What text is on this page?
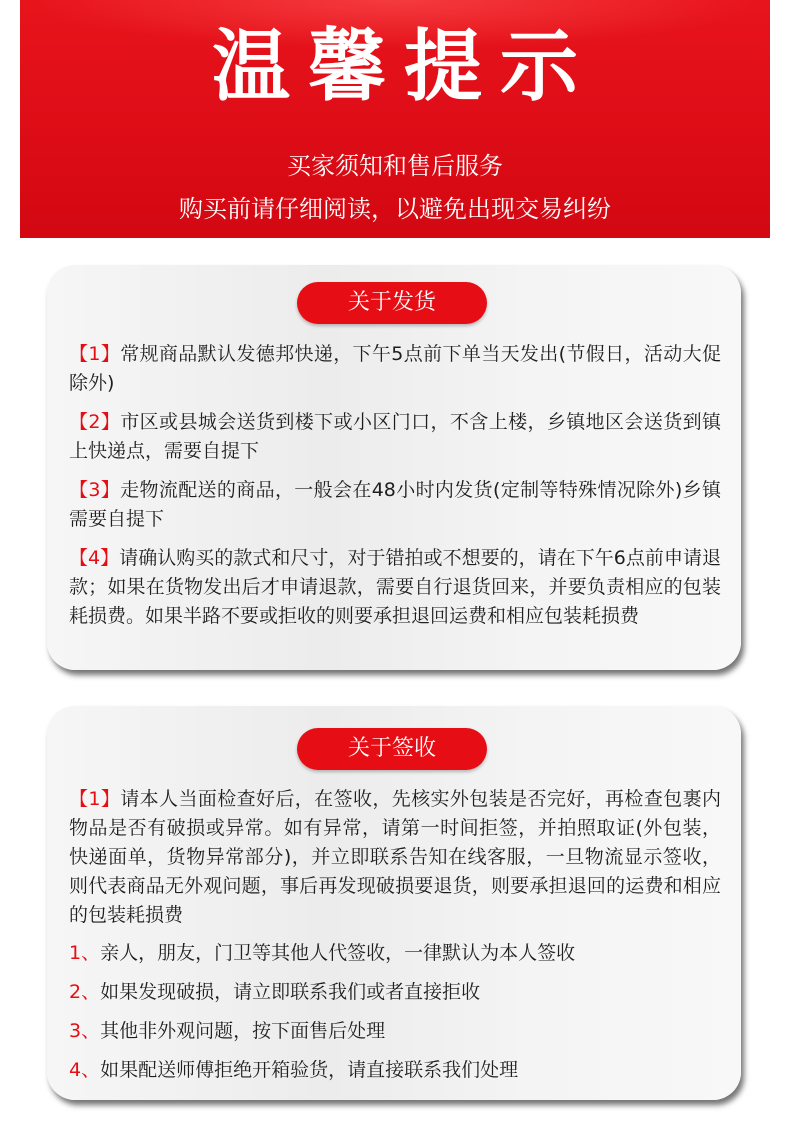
温馨提示
买家须知和售后服务
购买前请仔细阅读，以避免出现交易纠纷
关于发货
【1】常规商品默认发德邦快递，下午5点前下单当天发出(节假日，活动大促除外)
【2】市区或县城会送货到楼下或小区门口，不含上楼，乡镇地区会送货到镇上快递点，需要自提下
【3】走物流配送的商品，一般会在48小时内发货(定制等特殊情况除外)乡镇需要自提下
【4】请确认购买的款式和尺寸，对于错拍或不想要的，请在下午6点前申请退款；如果在货物发出后才申请退款，需要自行退货回来，并要负责相应的包装耗损费。如果半路不要或拒收的则要承担退回运费和相应包装耗损费
关于签收
【1】请本人当面检查好后，在签收，先核实外包装是否完好，再检查包裹内物品是否有破损或异常。如有异常，请第一时间拒签，并拍照取证(外包装，快递面单，货物异常部分)，并立即联系告知在线客服，一旦物流显示签收，则代表商品无外观问题，事后再发现破损要退货，则要承担退回的运费和相应的包装耗损费
1、亲人，朋友，门卫等其他人代签收，一律默认为本人签收
2、如果发现破损，请立即联系我们或者直接拒收
3、其他非外观问题，按下面售后处理
4、如果配送师傅拒绝开箱验货，请直接联系我们处理
